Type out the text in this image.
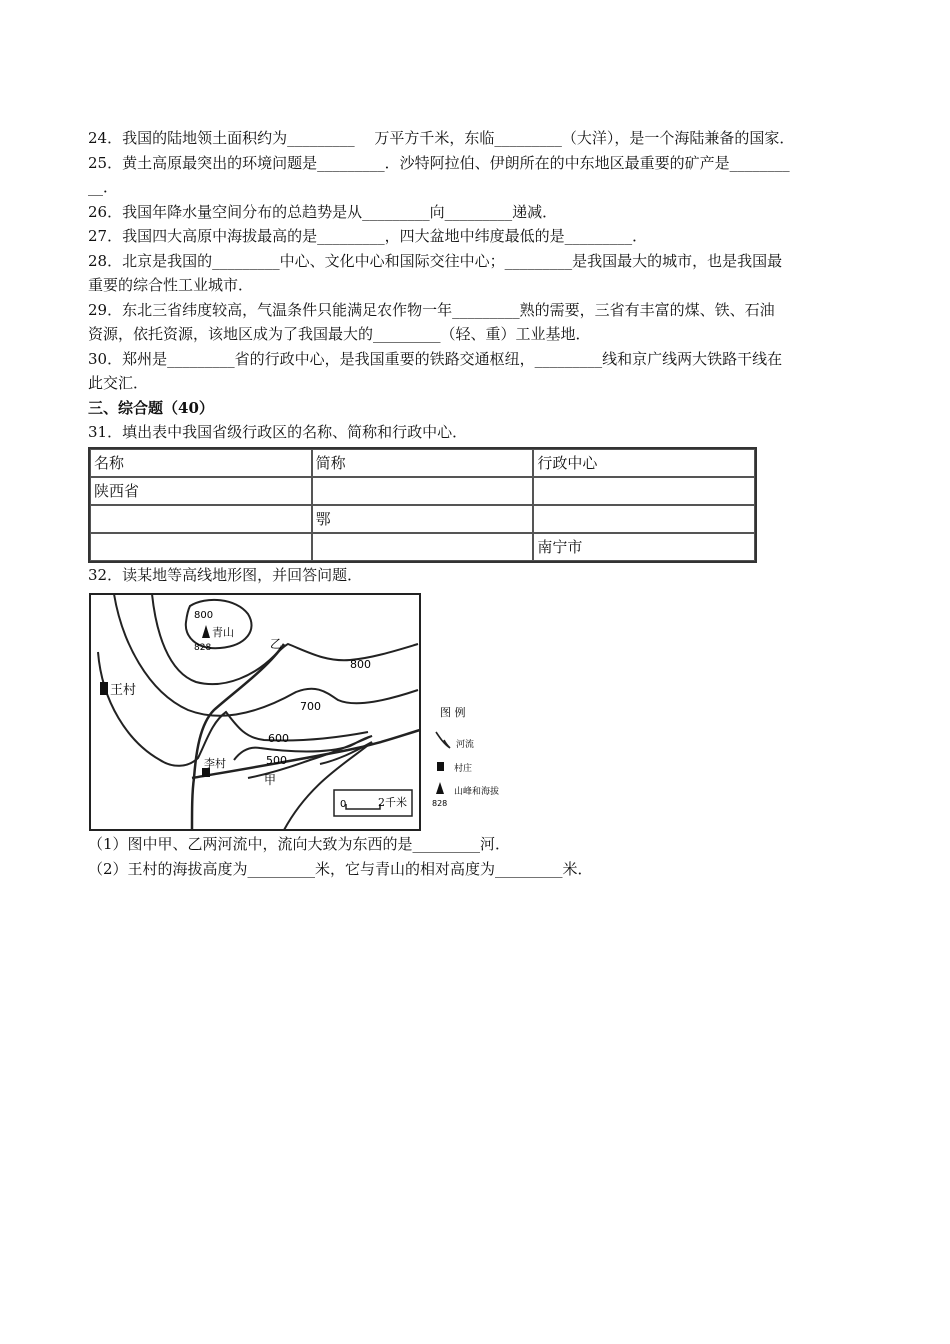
24．我国的陆地领土面积约为_________　 万平方千米，东临_________（大洋），是一个海陆兼备的国家．

25．黄土高原最突出的环境问题是_________．沙特阿拉伯、伊朗所在的中东地区最重要的矿产是________

__．

26．我国年降水量空间分布的总趋势是从_________向_________递减．

27．我国四大高原中海拔最高的是_________，四大盆地中纬度最低的是_________．

28．北京是我国的_________中心、文化中心和国际交往中心；_________是我国最大的城市，也是我国最

重要的综合性工业城市．

29．东北三省纬度较高，气温条件只能满足农作物一年_________熟的需要，三省有丰富的煤、铁、石油

资源，依托资源，该地区成为了我国最大的_________（轻、重）工业基地．

30．郑州是_________省的行政中心，是我国重要的铁路交通枢纽，_________线和京广线两大铁路干线在

此交汇．

三、综合题（40）

31．填出表中我国省级行政区的名称、简称和行政中心．

名称	简称	行政中心
陕西省		
	鄂	
		南宁市

32．读某地等高线地形图，并回答问题．

800
青山
828
800
700
600
500
乙
甲
王村
李村
0	2千米
图 例
河流
村庄
山峰和海拔
828

（1）图中甲、乙两河流中，流向大致为东西的是_________河．

（2）王村的海拔高度为_________米，它与青山的相对高度为_________米．
